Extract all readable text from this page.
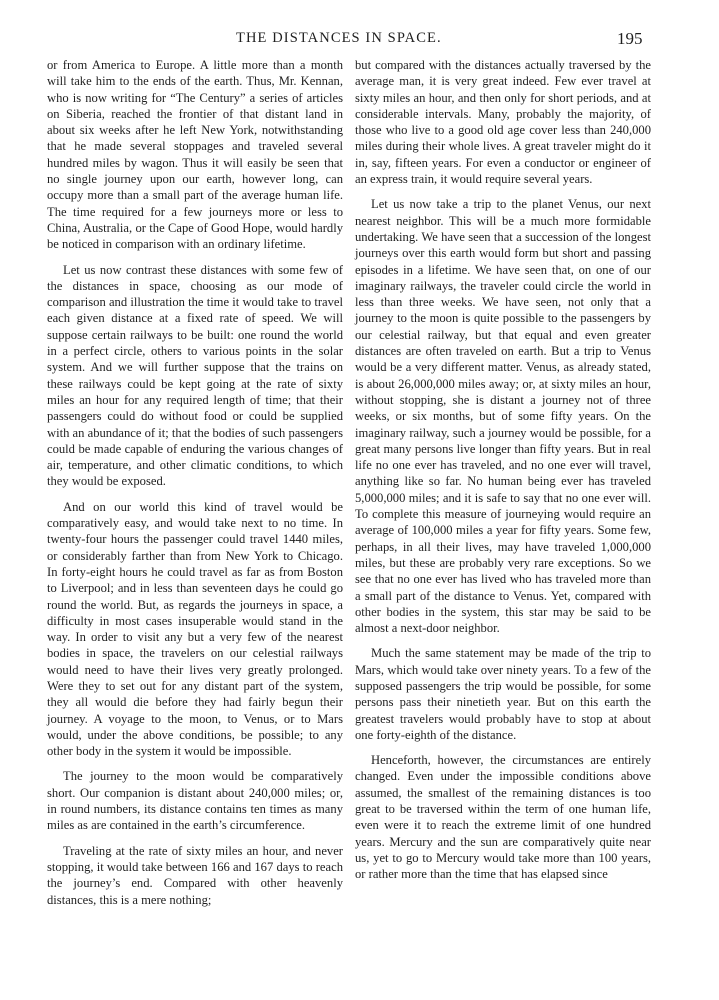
THE DISTANCES IN SPACE.	195

or from America to Europe. A little more than a month will take him to the ends of the earth. Thus, Mr. Kennan, who is now writing for “The Century” a series of articles on Siberia, reached the frontier of that distant land in about six weeks after he left New York, notwithstanding that he made several stoppages and traveled several hundred miles by wagon. Thus it will easily be seen that no single journey upon our earth, however long, can occupy more than a small part of the average human life. The time required for a few journeys more or less to China, Australia, or the Cape of Good Hope, would hardly be noticed in comparison with an ordinary lifetime.

Let us now contrast these distances with some few of the distances in space, choosing as our mode of comparison and illustration the time it would take to travel each given distance at a fixed rate of speed. We will suppose certain railways to be built: one round the world in a perfect circle, others to various points in the solar system. And we will further suppose that the trains on these railways could be kept going at the rate of sixty miles an hour for any required length of time; that their passengers could do without food or could be supplied with an abundance of it; that the bodies of such passengers could be made capable of enduring the various changes of air, temperature, and other climatic conditions, to which they would be exposed.

And on our world this kind of travel would be comparatively easy, and would take next to no time. In twenty-four hours the passenger could travel 1440 miles, or considerably farther than from New York to Chicago. In forty-eight hours he could travel as far as from Boston to Liverpool; and in less than seventeen days he could go round the world. But, as regards the journeys in space, a difficulty in most cases insuperable would stand in the way. In order to visit any but a very few of the nearest bodies in space, the travelers on our celestial railways would need to have their lives very greatly prolonged. Were they to set out for any distant part of the system, they all would die before they had fairly begun their journey. A voyage to the moon, to Venus, or to Mars would, under the above conditions, be possible; to any other body in the system it would be impossible.

The journey to the moon would be comparatively short. Our companion is distant about 240,000 miles; or, in round numbers, its distance contains ten times as many miles as are contained in the earth’s circumference.

Traveling at the rate of sixty miles an hour, and never stopping, it would take between 166 and 167 days to reach the journey’s end. Compared with other heavenly distances, this is a mere nothing;

but compared with the distances actually traversed by the average man, it is very great indeed. Few ever travel at sixty miles an hour, and then only for short periods, and at considerable intervals. Many, probably the majority, of those who live to a good old age cover less than 240,000 miles during their whole lives. A great traveler might do it in, say, fifteen years. For even a conductor or engineer of an express train, it would require several years.

Let us now take a trip to the planet Venus, our next nearest neighbor. This will be a much more formidable undertaking. We have seen that a succession of the longest journeys over this earth would form but short and passing episodes in a lifetime. We have seen that, on one of our imaginary railways, the traveler could circle the world in less than three weeks. We have seen, not only that a journey to the moon is quite possible to the passengers by our celestial railway, but that equal and even greater distances are often traveled on earth. But a trip to Venus would be a very different matter. Venus, as already stated, is about 26,000,000 miles away; or, at sixty miles an hour, without stopping, she is distant a journey not of three weeks, or six months, but of some fifty years. On the imaginary railway, such a journey would be possible, for a great many persons live longer than fifty years. But in real life no one ever has traveled, and no one ever will travel, anything like so far. No human being ever has traveled 5,000,000 miles; and it is safe to say that no one ever will. To complete this measure of journeying would require an average of 100,000 miles a year for fifty years. Some few, perhaps, in all their lives, may have traveled 1,000,000 miles, but these are probably very rare exceptions. So we see that no one ever has lived who has traveled more than a small part of the distance to Venus. Yet, compared with other bodies in the system, this star may be said to be almost a next-door neighbor.

Much the same statement may be made of the trip to Mars, which would take over ninety years. To a few of the supposed passengers the trip would be possible, for some persons pass their ninetieth year. But on this earth the greatest travelers would probably have to stop at about one forty-eighth of the distance.

Henceforth, however, the circumstances are entirely changed. Even under the impossible conditions above assumed, the smallest of the remaining distances is too great to be traversed within the term of one human life, even were it to reach the extreme limit of one hundred years. Mercury and the sun are comparatively quite near us, yet to go to Mercury would take more than 100 years, or rather more than the time that has elapsed since
